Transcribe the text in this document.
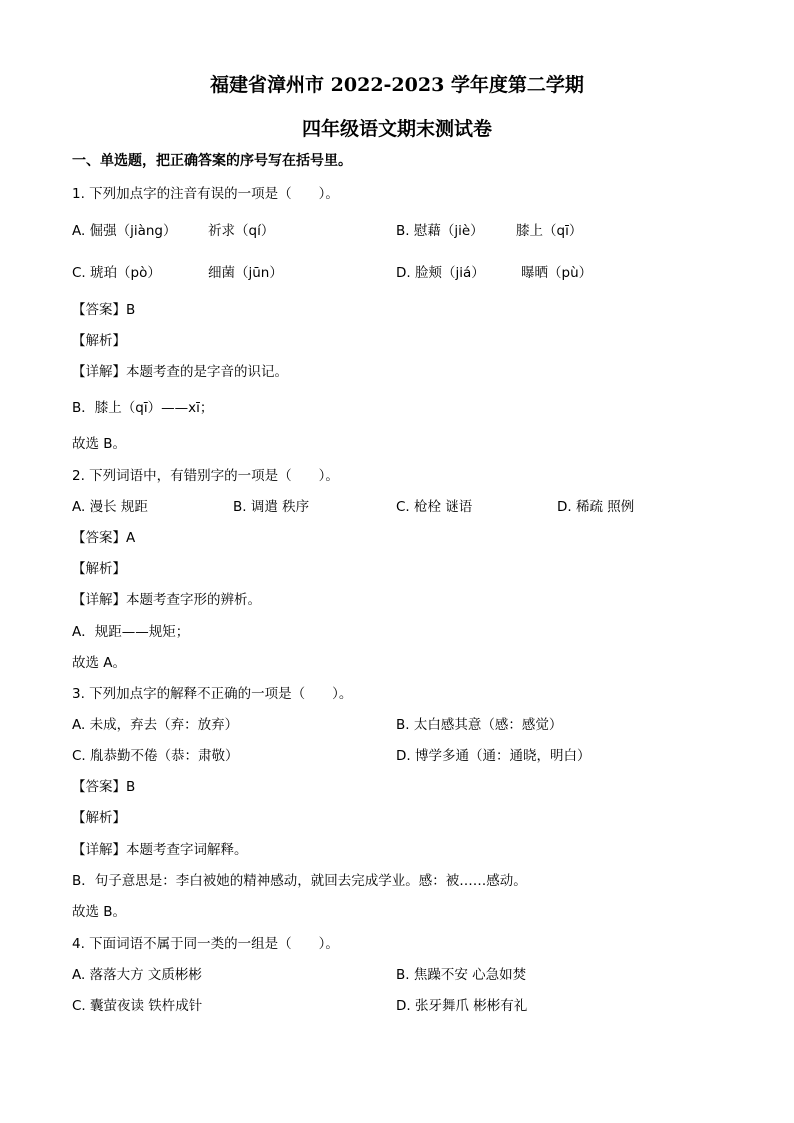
福建省漳州市 2022-2023 学年度第二学期
四年级语文期末测试卷
一、单选题，把正确答案的序号写在括号里。
1. 下列加点字的注音有误的一项是（　　）。
A. 倔强（jiàng） 祈求（qí）	B. 慰藉（jiè） 膝上（qī）
C. 琥珀（pò）	细菌（jūn）	D. 脸颊（jiá）	曝晒（pù）
【答案】B
【解析】
【详解】本题考查的是字音的识记。
B．膝上（qī）——xī；
故选 B。
2. 下列词语中，有错别字的一项是（　　）。
A. 漫长 规距	B. 调遣 秩序	C. 枪栓 谜语	D. 稀疏 照例
【答案】A
【解析】
【详解】本题考查字形的辨析。
A．规距——规矩；
故选 A。
3. 下列加点字的解释不正确的一项是（　　）。
A. 未成，弃去（弃：放弃）	B. 太白感其意（感：感觉）
C. 胤恭勤不倦（恭：肃敬）	D. 博学多通（通：通晓，明白）
【答案】B
【解析】
【详解】本题考查字词解释。
B．句子意思是：李白被她的精神感动，就回去完成学业。感：被……感动。
故选 B。
4. 下面词语不属于同一类的一组是（　　）。
A. 落落大方 文质彬彬	B. 焦躁不安 心急如焚
C. 囊萤夜读 铁杵成针	D. 张牙舞爪 彬彬有礼
